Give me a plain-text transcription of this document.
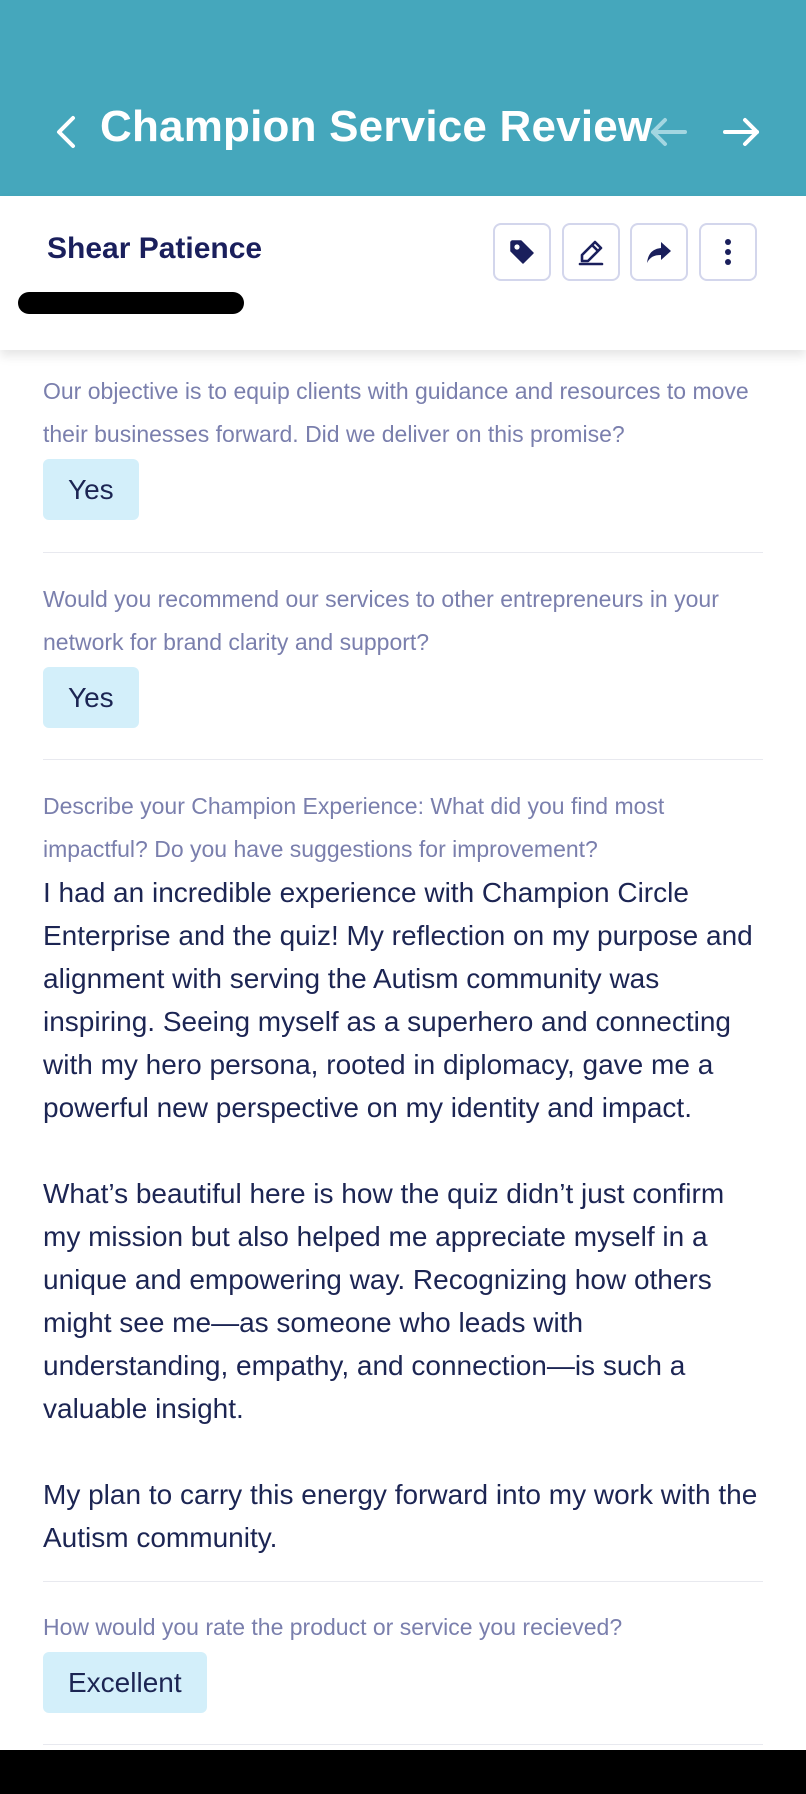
Champion Service Review
Shear Patience
Our objective is to equip clients with guidance and resources to move their businesses forward. Did we deliver on this promise?
Yes
Would you recommend our services to other entrepreneurs in your network for brand clarity and support?
Yes
Describe your Champion Experience: What did you find most impactful? Do you have suggestions for improvement?
I had an incredible experience with Champion Circle Enterprise and the quiz! My reflection on my purpose and alignment with serving the Autism community was inspiring. Seeing myself as a superhero and connecting with my hero persona, rooted in diplomacy, gave me a powerful new perspective on my identity and impact.

What’s beautiful here is how the quiz didn’t just confirm my mission but also helped me appreciate myself in a unique and empowering way. Recognizing how others might see me—as someone who leads with understanding, empathy, and connection—is such a valuable insight.

My plan to carry this energy forward into my work with the Autism community.
How would you rate the product or service you recieved?
Excellent
